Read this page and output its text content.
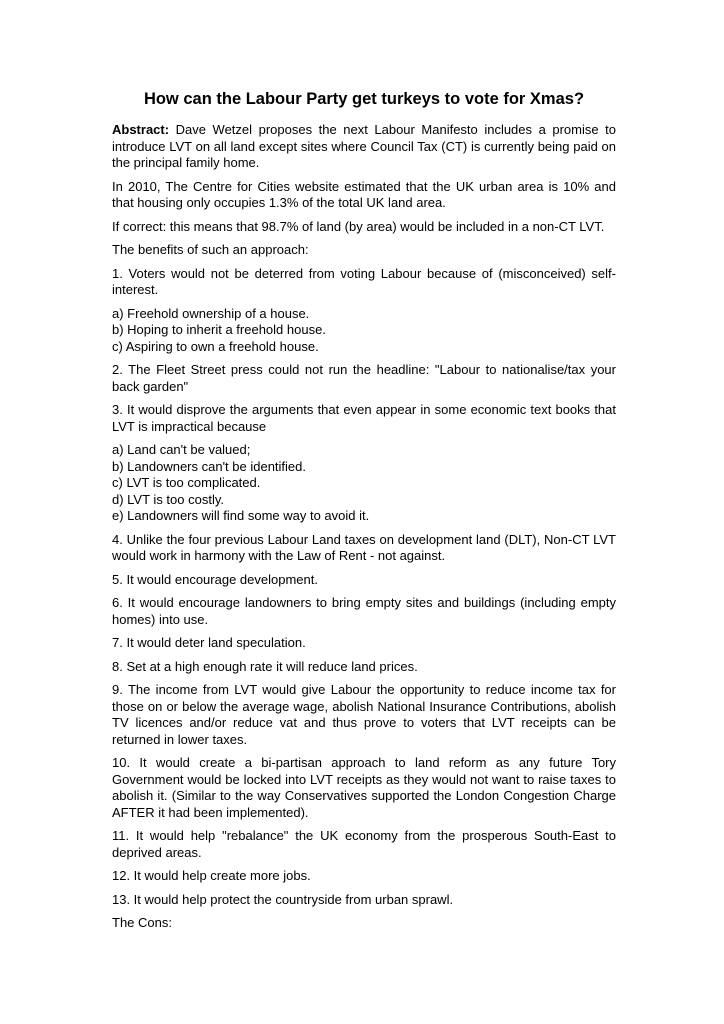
How can the Labour Party get turkeys to vote for Xmas?

Abstract: Dave Wetzel proposes the next Labour Manifesto includes a promise to introduce LVT on all land except sites where Council Tax (CT) is currently being paid on the principal family home.

In 2010, The Centre for Cities website estimated that the UK urban area is 10% and that housing only occupies 1.3% of the total UK land area.

If correct: this means that 98.7% of land (by area) would be included in a non-CT LVT.

The benefits of such an approach:

1. Voters would not be deterred from voting Labour because of (misconceived) self-interest.

a) Freehold ownership of a house.
b) Hoping to inherit a freehold house.
c) Aspiring to own a freehold house.

2. The Fleet Street press could not run the headline: "Labour to nationalise/tax your back garden"

3. It would disprove the arguments that even appear in some economic text books that LVT is impractical because

a) Land can't be valued;
b) Landowners can't be identified.
c) LVT is too complicated.
d) LVT is too costly.
e) Landowners will find some way to avoid it.

4. Unlike the four previous Labour Land taxes on development land (DLT), Non-CT LVT would work in harmony with the Law of Rent - not against.

5. It would encourage development.

6. It would encourage landowners to bring empty sites and buildings (including empty homes) into use.

7. It would deter land speculation.

8. Set at a high enough rate it will reduce land prices.

9. The income from LVT would give Labour the opportunity to reduce income tax for those on or below the average wage, abolish National Insurance Contributions, abolish TV licences and/or reduce vat and thus prove to voters that LVT receipts can be returned in lower taxes.

10. It would create a bi-partisan approach to land reform as any future Tory Government would be locked into LVT receipts as they would not want to raise taxes to abolish it. (Similar to the way Conservatives supported the London Congestion Charge AFTER it had been implemented).

11. It would help "rebalance" the UK economy from the prosperous South-East to deprived areas.

12. It would help create more jobs.

13. It would help protect the countryside from urban sprawl.

The Cons:
